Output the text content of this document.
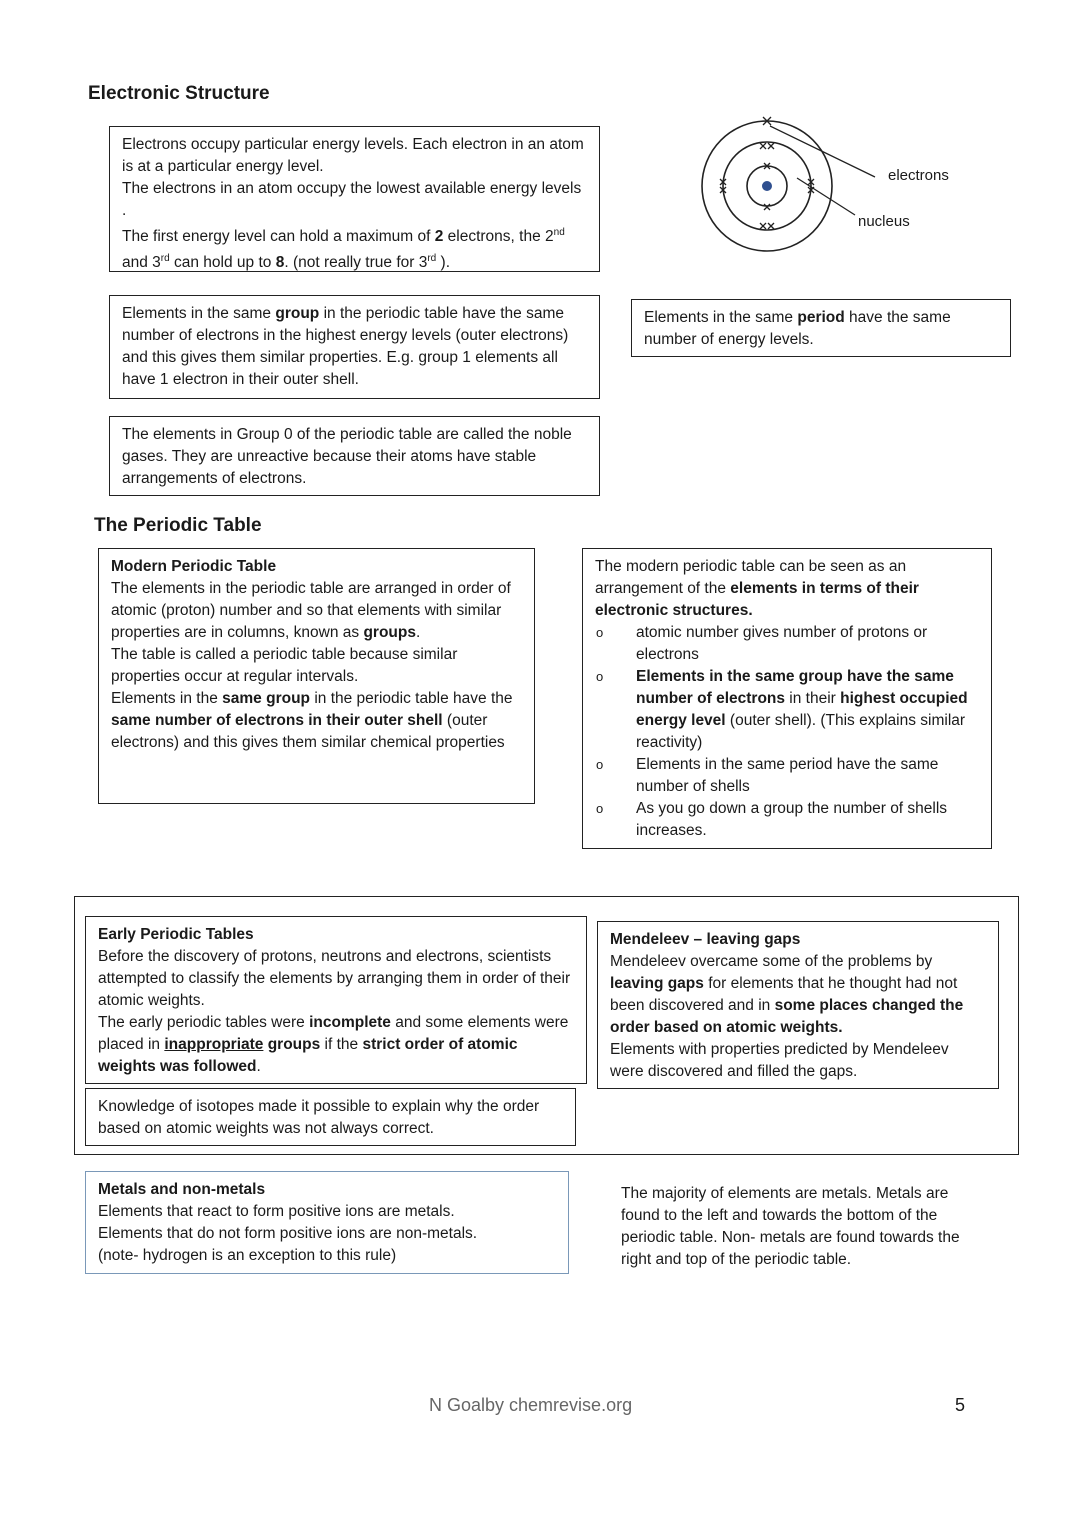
Electronic Structure

Electrons occupy particular energy levels. Each electron in an atom is at a particular energy level.

The electrons in an atom occupy the lowest available energy levels .

The first energy level can hold a maximum of 2 electrons, the 2nd and 3rd can hold up to 8. (not really true for 3rd ).

electrons
nucleus

Elements in the same group in the periodic table have the same number of electrons in the highest energy levels (outer electrons) and this gives them similar properties. E.g. group 1 elements all have 1 electron in their outer shell.

Elements in the same period have the same number of energy levels.

The elements in Group 0 of the periodic table are called the noble gases. They are unreactive because their atoms have stable arrangements of electrons.

The Periodic Table

Modern Periodic Table

The elements in the periodic table are arranged in order of atomic (proton) number and so that elements with similar properties are in columns, known as groups.

The table is called a periodic table because similar properties occur at regular intervals.

Elements in the same group in the periodic table have the same number of electrons in their outer shell (outer electrons) and this gives them similar chemical properties

The modern periodic table can be seen as an arrangement of the elements in terms of their electronic structures.

o atomic number gives number of protons or electrons
o Elements in the same group have the same number of electrons in their highest occupied energy level (outer shell). (This explains similar reactivity)
o Elements in the same period have the same number of shells
o As you go down a group the number of shells increases.

Early Periodic Tables

Before the discovery of protons, neutrons and electrons, scientists attempted to classify the elements by arranging them in order of their atomic weights.

The early periodic tables were incomplete and some elements were placed in inappropriate groups if the strict order of atomic weights was followed.

Mendeleev – leaving gaps

Mendeleev overcame some of the problems by leaving gaps for elements that he thought had not been discovered and in some places changed the order based on atomic weights.

Elements with properties predicted by Mendeleev were discovered and filled the gaps.

Knowledge of isotopes made it possible to explain why the order based on atomic weights was not always correct.

Metals and non-metals

Elements that react to form positive ions are metals.

Elements that do not form positive ions are non-metals.

(note- hydrogen is an exception to this rule)

The majority of elements are metals. Metals are found to the left and towards the bottom of the periodic table. Non- metals are found towards the right and top of the periodic table.
N Goalby chemrevise.org	5
